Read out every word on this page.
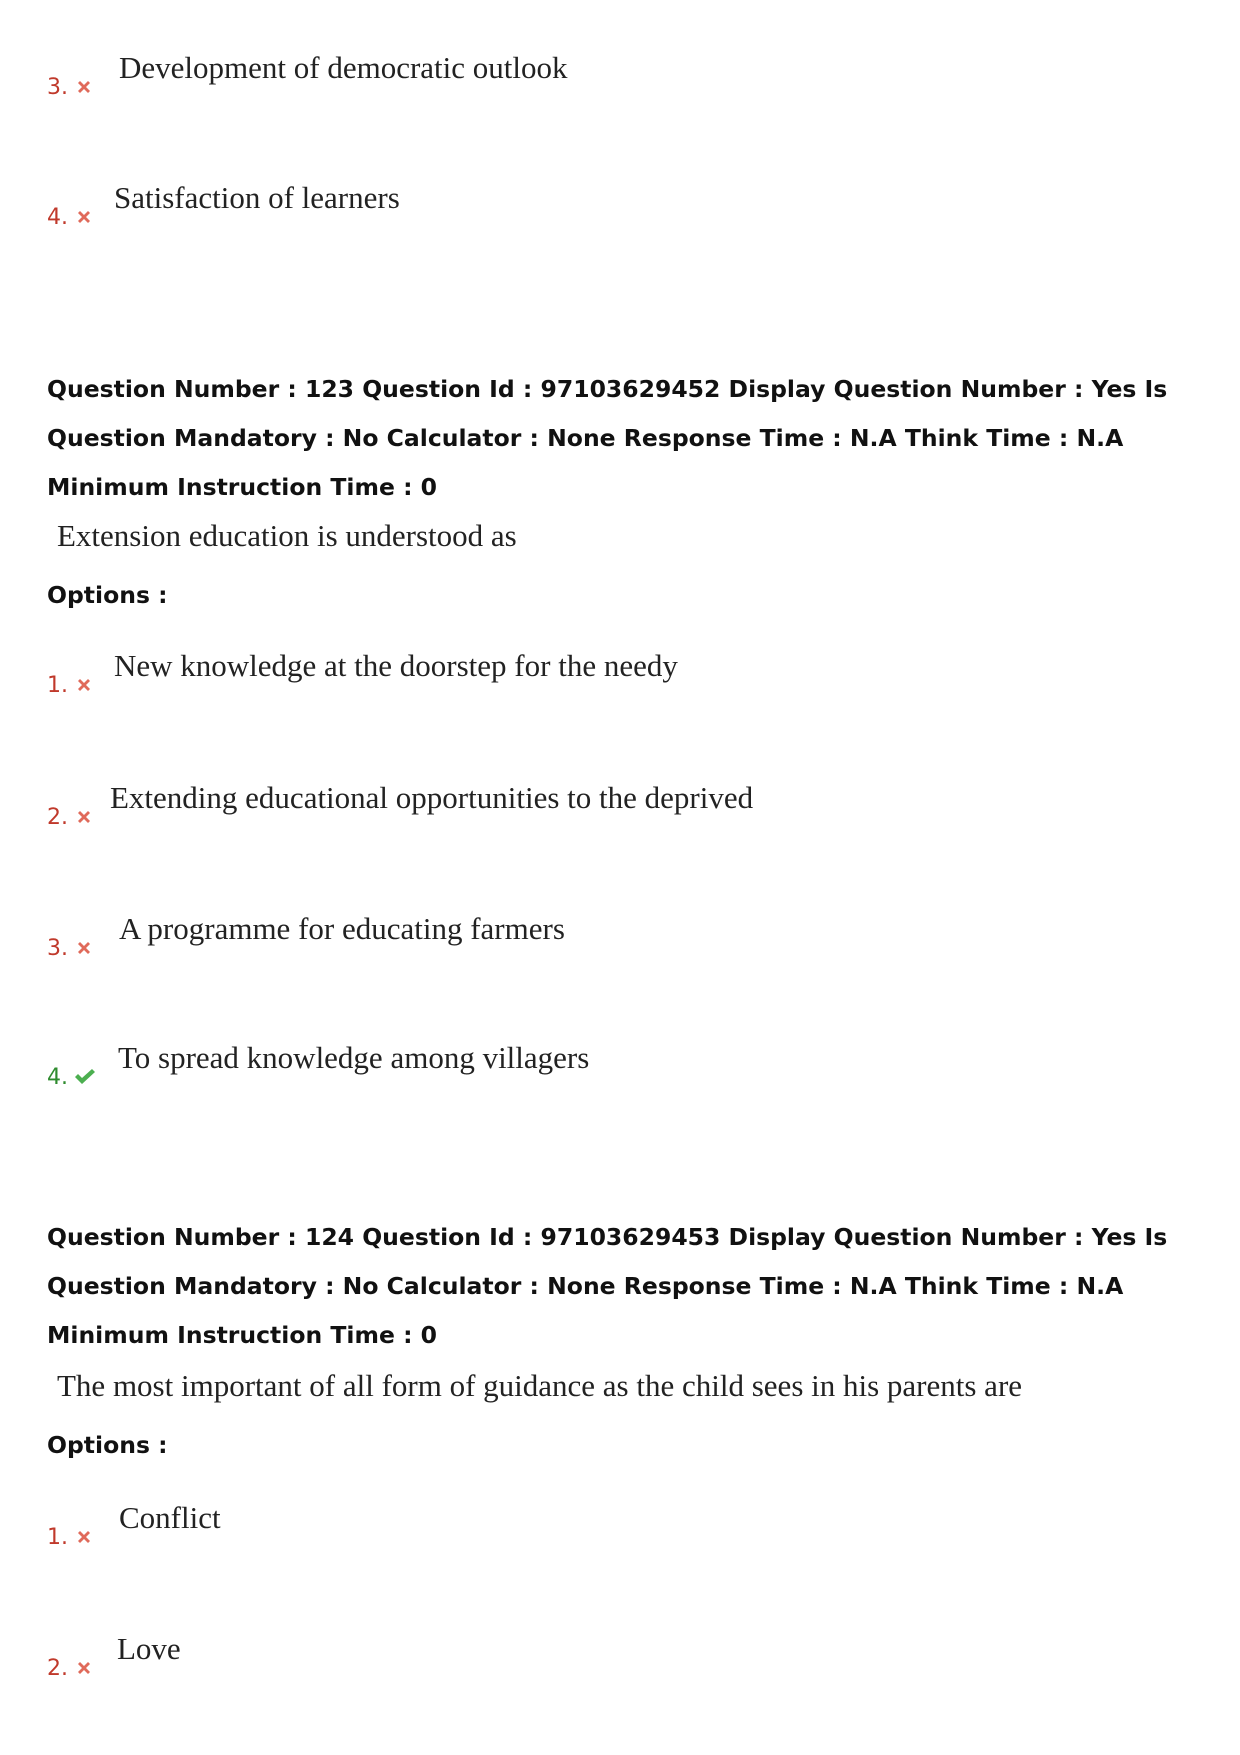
3.
Development of democratic outlook
4.
Satisfaction of learners
Question Number : 123 Question Id : 97103629452 Display Question Number : Yes Is Question Mandatory : No Calculator : None Response Time : N.A Think Time : N.A Minimum Instruction Time : 0
Extension education is understood as
Options :
1.
New knowledge at the doorstep for the needy
2.
Extending educational opportunities to the deprived
3.
A programme for educating farmers
4.
To spread knowledge among villagers
Question Number : 124 Question Id : 97103629453 Display Question Number : Yes Is Question Mandatory : No Calculator : None Response Time : N.A Think Time : N.A Minimum Instruction Time : 0
The most important of all form of guidance as the child sees in his parents are
Options :
1.
Conflict
2.
Love
